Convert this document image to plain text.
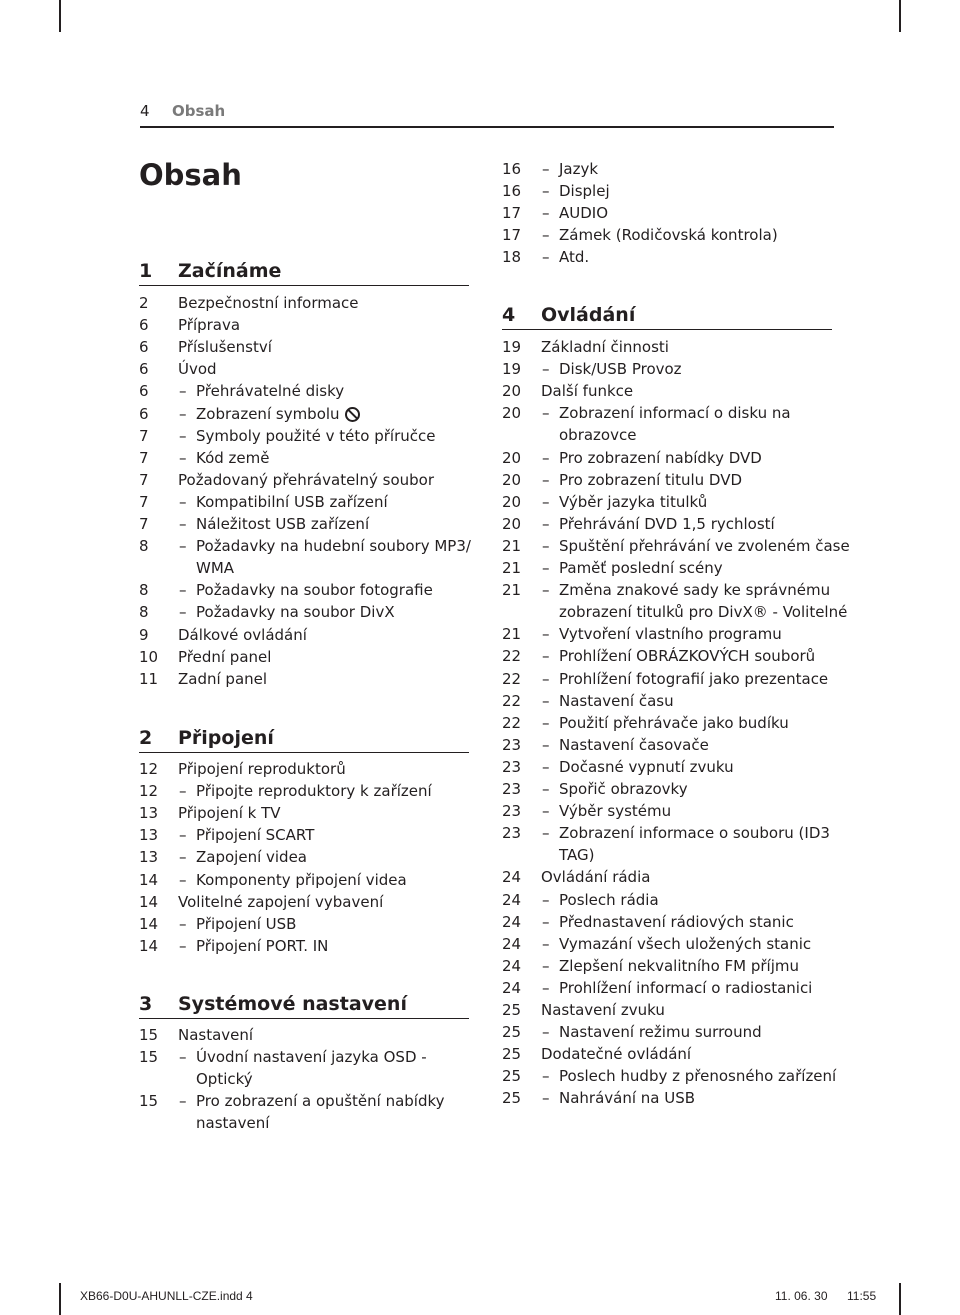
4 Obsah
Obsah
1 Začínáme
2 Bezpečnostní informace
6 Příprava
6 Příslušenství
6 Úvod
6 – Přehrávatelné disky
6 – Zobrazení symbolu
7 – Symboly použité v této příručce
7 – Kód země
7 Požadovaný přehrávatelný soubor
7 – Kompatibilní USB zařízení
7 – Náležitost USB zařízení
8 – Požadavky na hudební soubory MP3/
WMA
8 – Požadavky na soubor fotografie
8 – Požadavky na soubor DivX
9 Dálkové ovládání
10 Přední panel
11 Zadní panel
2 Připojení
12 Připojení reproduktorů
12 – Připojte reproduktory k zařízení
13 Připojení k TV
13 – Připojení SCART
13 – Zapojení videa
14 – Komponenty připojení videa
14 Volitelné zapojení vybavení
14 – Připojení USB
14 – Připojení PORT. IN
3 Systémové nastavení
15 Nastavení
15 – Úvodní nastavení jazyka OSD -
Optický
15 – Pro zobrazení a opuštění nabídky
nastavení
16 – Jazyk
16 – Displej
17 – AUDIO
17 – Zámek (Rodičovská kontrola)
18 – Atd.
4 Ovládání
19 Základní činnosti
19 – Disk/USB Provoz
20 Další funkce
20 – Zobrazení informací o disku na
obrazovce
20 – Pro zobrazení nabídky DVD
20 – Pro zobrazení titulu DVD
20 – Výběr jazyka titulků
20 – Přehrávání DVD 1,5 rychlostí
21 – Spuštění přehrávání ve zvoleném čase
21 – Paměť poslední scény
21 – Změna znakové sady ke správnému
zobrazení titulků pro DivX® - Volitelné
21 – Vytvoření vlastního programu
22 – Prohlížení OBRÁZKOVÝCH souborů
22 – Prohlížení fotografií jako prezentace
22 – Nastavení času
22 – Použití přehrávače jako budíku
23 – Nastavení časovače
23 – Dočasné vypnutí zvuku
23 – Spořič obrazovky
23 – Výběr systému
23 – Zobrazení informace o souboru (ID3
TAG)
24 Ovládání rádia
24 – Poslech rádia
24 – Přednastavení rádiových stanic
24 – Vymazání všech uložených stanic
24 – Zlepšení nekvalitního FM příjmu
24 – Prohlížení informací o radiostanici
25 Nastavení zvuku
25 – Nastavení režimu surround
25 Dodatečné ovládání
25 – Poslech hudby z přenosného zařízení
25 – Nahrávání na USB
XB66-D0U-AHUNLL-CZE.indd 4	11. 06. 30 11:55
